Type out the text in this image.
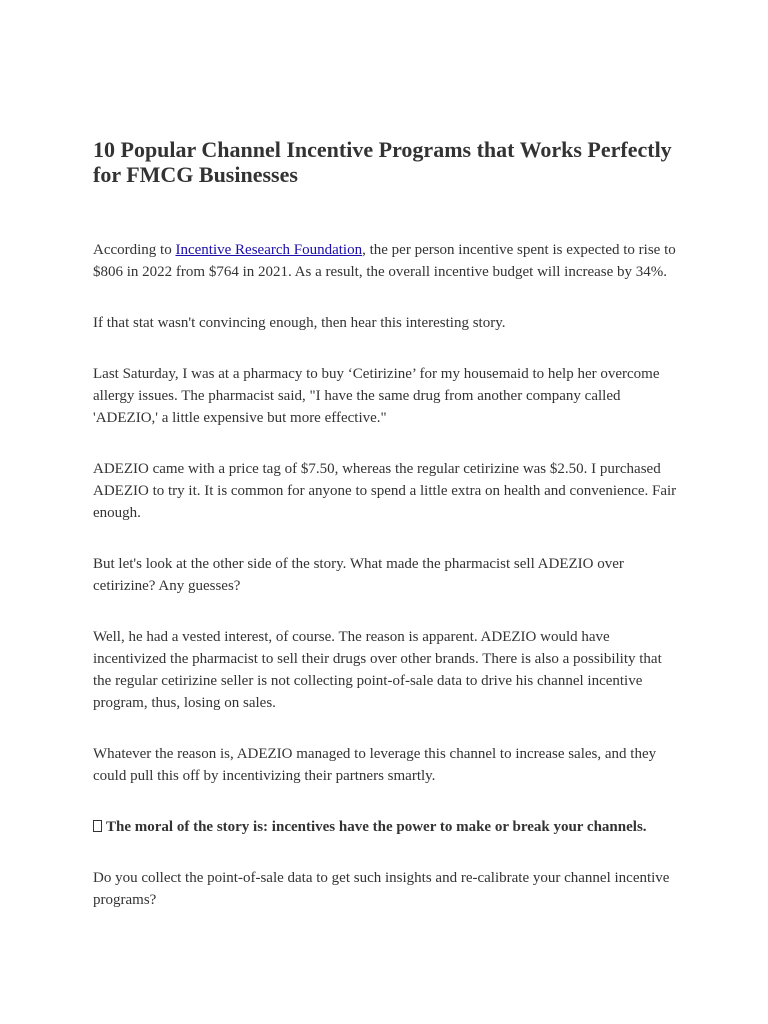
10 Popular Channel Incentive Programs that Works Perfectly for FMCG Businesses

According to Incentive Research Foundation, the per person incentive spent is expected to rise to $806 in 2022 from $764 in 2021. As a result, the overall incentive budget will increase by 34%.

If that stat wasn't convincing enough, then hear this interesting story.

Last Saturday, I was at a pharmacy to buy ‘Cetirizine’ for my housemaid to help her overcome allergy issues. The pharmacist said, "I have the same drug from another company called 'ADEZIO,' a little expensive but more effective."

ADEZIO came with a price tag of $7.50, whereas the regular cetirizine was $2.50. I purchased ADEZIO to try it. It is common for anyone to spend a little extra on health and convenience. Fair enough.

But let's look at the other side of the story. What made the pharmacist sell ADEZIO over cetirizine? Any guesses?

Well, he had a vested interest, of course. The reason is apparent. ADEZIO would have incentivized the pharmacist to sell their drugs over other brands. There is also a possibility that the regular cetirizine seller is not collecting point-of-sale data to drive his channel incentive program, thus, losing on sales.

Whatever the reason is, ADEZIO managed to leverage this channel to increase sales, and they could pull this off by incentivizing their partners smartly.

The moral of the story is: incentives have the power to make or break your channels.

Do you collect the point-of-sale data to get such insights and re-calibrate your channel incentive programs?
